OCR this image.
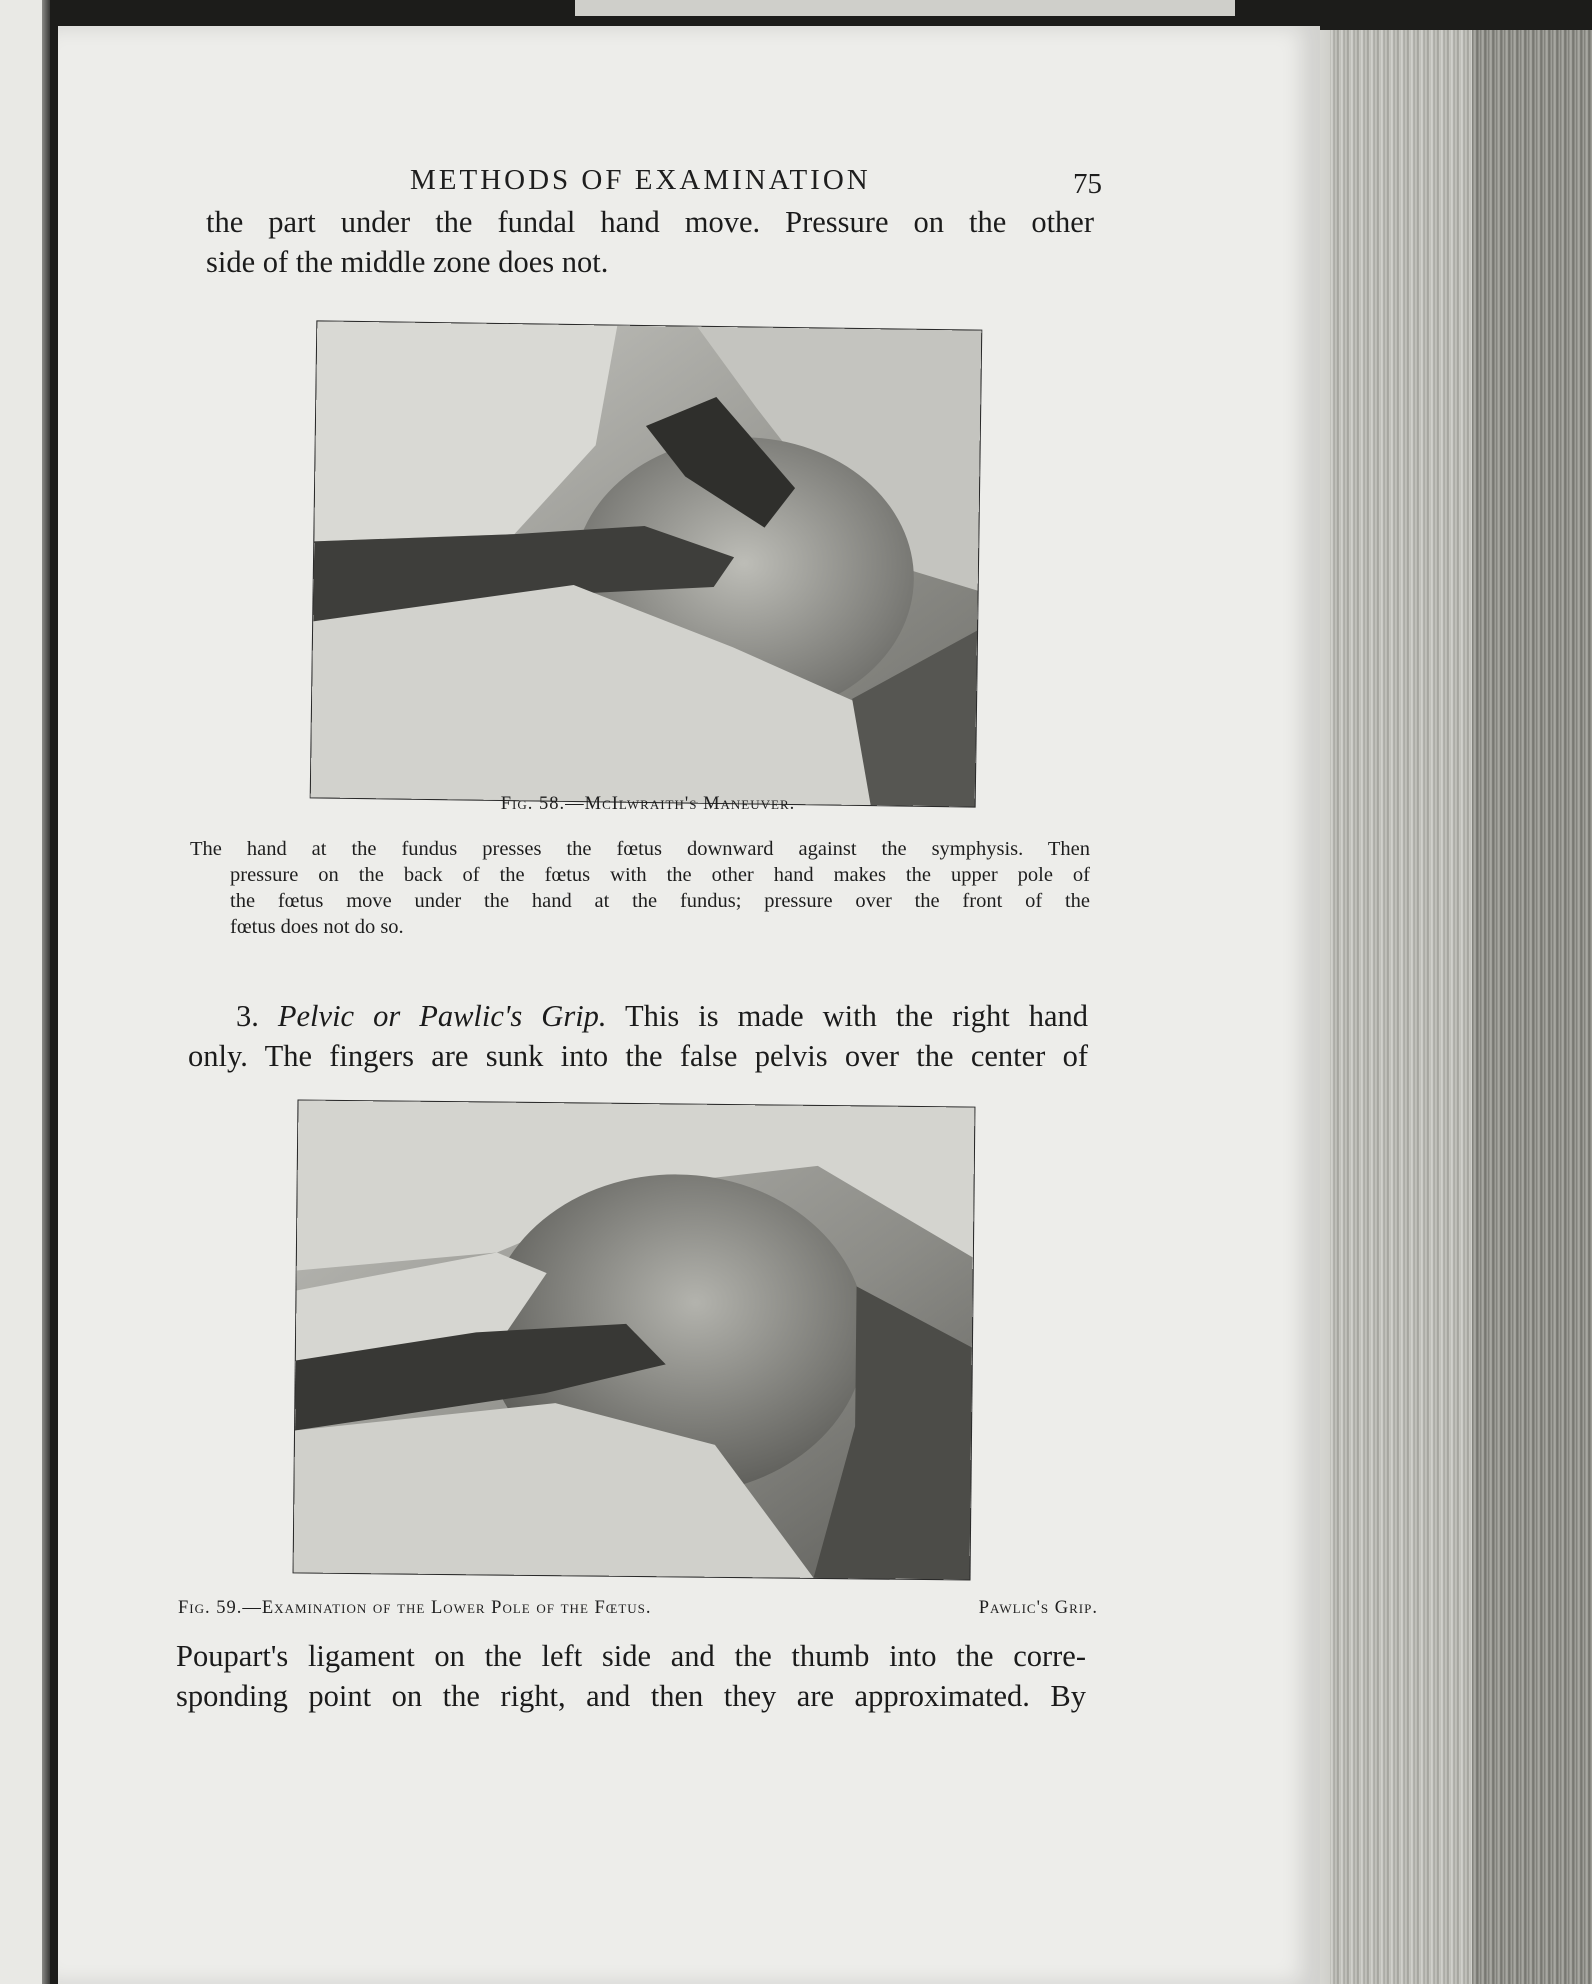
METHODS OF EXAMINATION	75
the part under the fundal hand move. Pressure on the other
side of the middle zone does not.
Fig. 58.—McIlwraith's Maneuver.
The hand at the fundus presses the fœtus downward against the symphysis. Then
pressure on the back of the fœtus with the other hand makes the upper pole of
the fœtus move under the hand at the fundus; pressure over the front of the
fœtus does not do so.
3. Pelvic or Pawlic's Grip. This is made with the right hand
only. The fingers are sunk into the false pelvis over the center of
Fig. 59.—Examination of the Lower Pole of the Fœtus.	Pawlic's Grip.
Poupart's ligament on the left side and the thumb into the corre-
sponding point on the right, and then they are approximated. By
